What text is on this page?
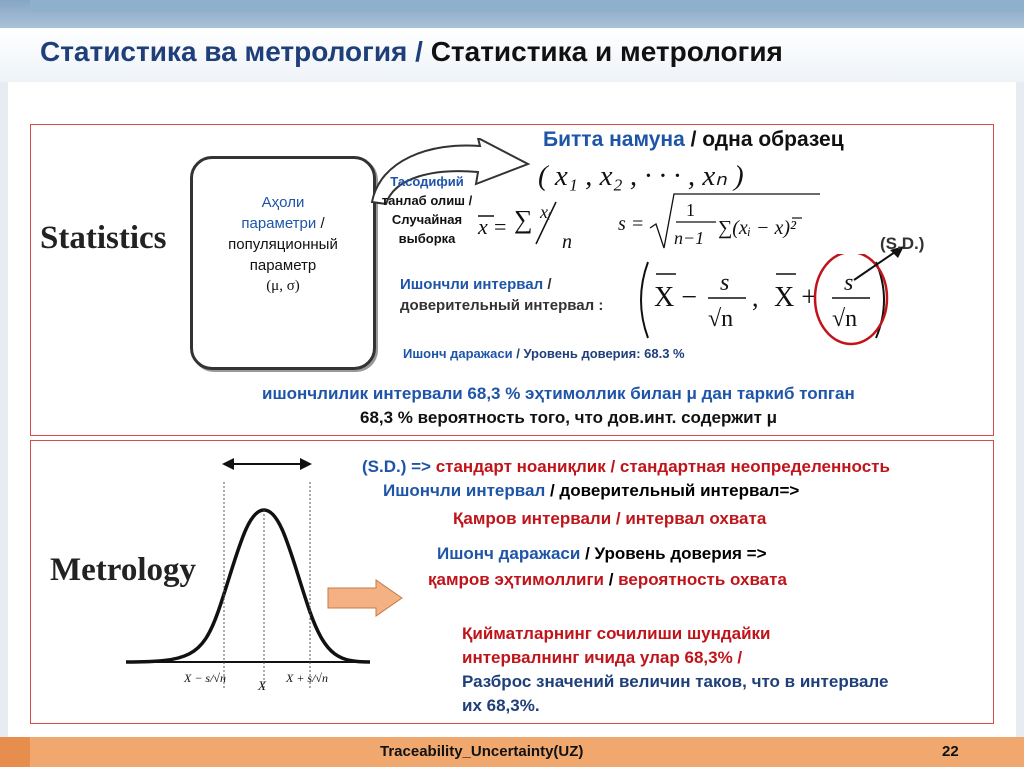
Статистика ва метрология / Статистика и метрология
Statistics
Аҳоли
параметри /
популяционный
параметр
(μ, σ)
Битта намуна / одна образец
( x₁ , x₂ , · · · , xₙ )
Тасодифий
танлаб олиш /
Случайная
выборка	x = ∑ xᵢ
n
s =
1
n−1 ∑(xᵢ − x)²
Ишончли интервал /
доверительный интервал :	X − s
√n
, X + s
√n
(S.D.)
Ишонч даражаси / Уровень доверия: 68.3 %
ишончлилик интервали 68,3 % эҳтимоллик билан μ дан таркиб топган
68,3 % вероятность того, что дов.инт. содержит μ
Metrology
X − s/√n X X + s/√n
(S.D.) => стандарт ноаниқлик / стандартная неопределенность
Ишончли интервал / доверительный интервал=>
Қамров интервали / интервал охвата
Ишонч даражаси / Уровень доверия =>
қамров эҳтимоллиги / вероятность охвата
Қийматларнинг сочилиши шундайки интервалнинг ичида улар 68,3% /
Разброс значений величин таков, что в интервале их 68,3%.
Traceability_Uncertainty(UZ)	22
